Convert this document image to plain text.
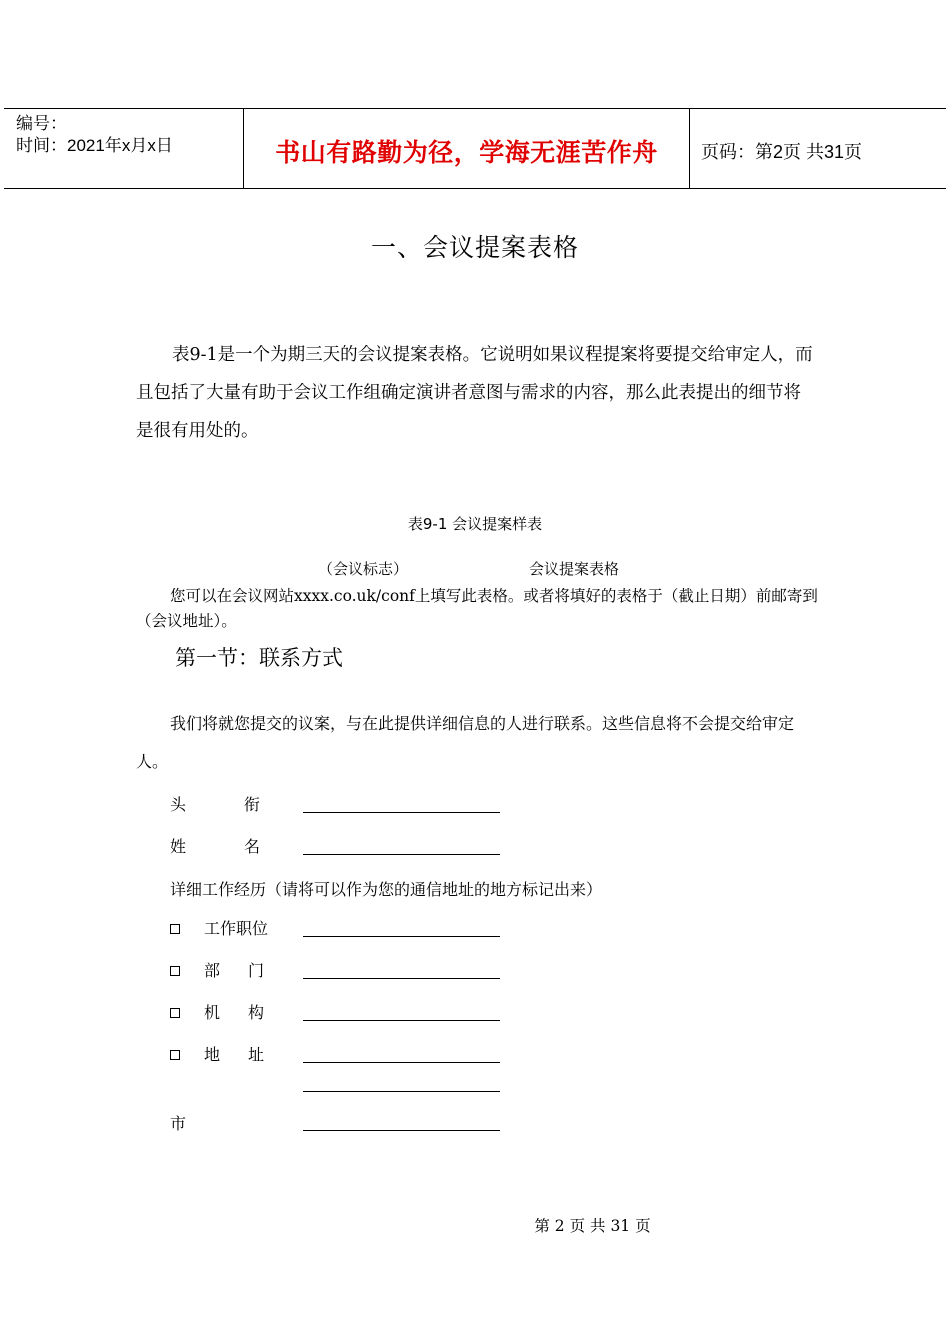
编号：
时间：2021年x月x日	书山有路勤为径，学海无涯苦作舟	页码：第2页 共31页
一、会议提案表格
表9-1是一个为期三天的会议提案表格。它说明如果议程提案将要提交给审定人，而且包括了大量有助于会议工作组确定演讲者意图与需求的内容，那么此表提出的细节将是很有用处的。
表9-1 会议提案样表
（会议标志）	会议提案表格
您可以在会议网站xxxx.co.uk/conf上填写此表格。或者将填好的表格于（截止日期）前邮寄到（会议地址）。
第一节：联系方式
我们将就您提交的议案，与在此提供详细信息的人进行联系。这些信息将不会提交给审定人。
头	衔
姓	名
详细工作经历（请将可以作为您的通信地址的地方标记出来）
工作职位
部 门
机 构
地 址
市
第 2 页 共 31 页
